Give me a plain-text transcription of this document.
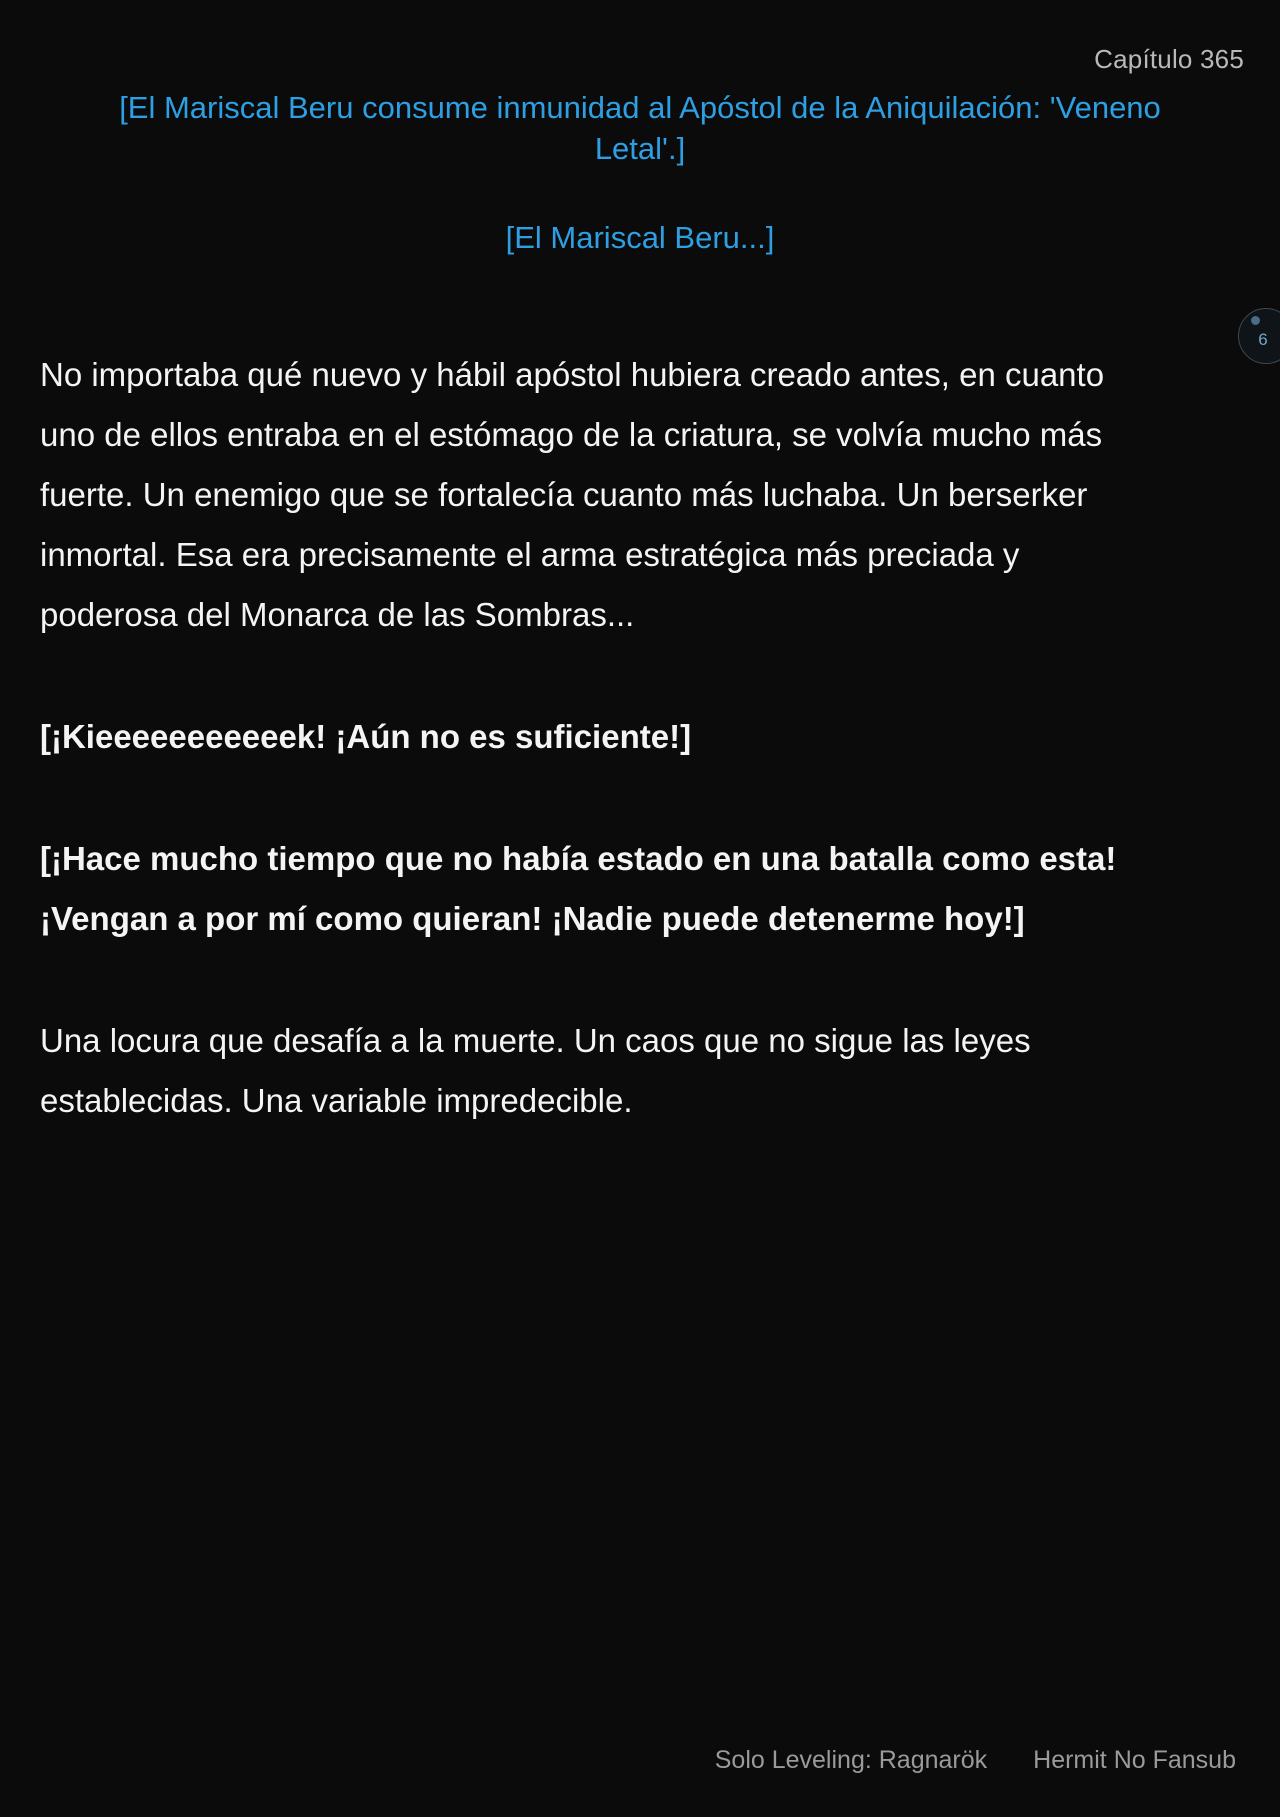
Capítulo 365

[El Mariscal Beru consume inmunidad al Apóstol de la Aniquilación: 'Veneno Letal'.]

[El Mariscal Beru...]

6

No importaba qué nuevo y hábil apóstol hubiera creado antes, en cuanto uno de ellos entraba en el estómago de la criatura, se volvía mucho más fuerte. Un enemigo que se fortalecía cuanto más luchaba. Un berserker inmortal. Esa era precisamente el arma estratégica más preciada y poderosa del Monarca de las Sombras...

[¡Kieeeeeeeeeeek! ¡Aún no es suficiente!]

[¡Hace mucho tiempo que no había estado en una batalla como esta! ¡Vengan a por mí como quieran! ¡Nadie puede detenerme hoy!]

Una locura que desafía a la muerte. Un caos que no sigue las leyes establecidas. Una variable impredecible.

Solo Leveling: Ragnarök Hermit No Fansub
